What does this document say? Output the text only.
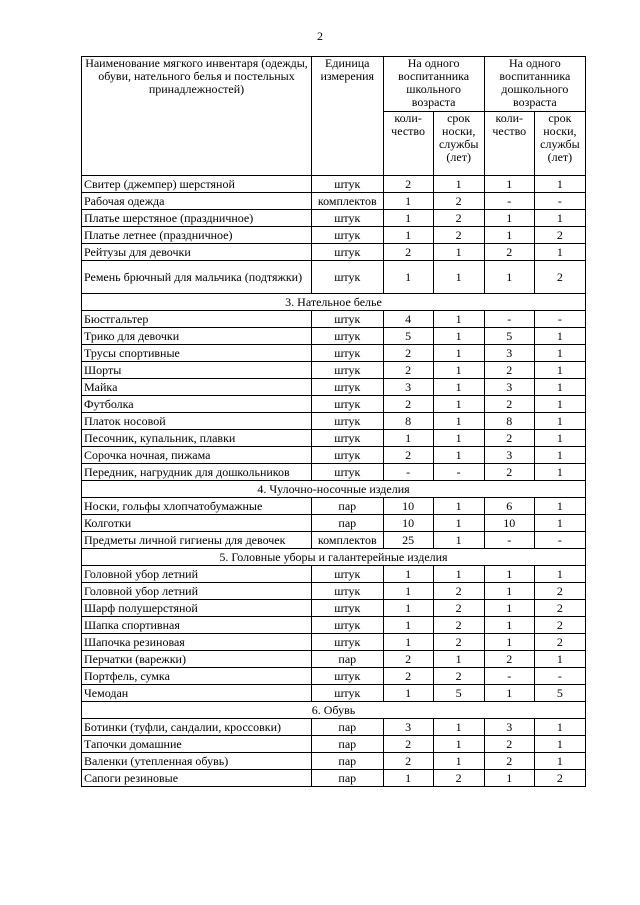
2
Наименование мягкого инвентаря (одежды, обуви, нательного белья и постельных принадлежностей)	Единица измерения	На одного воспитанника школьного возраста		На одного воспитанника дошкольного возраста	
		коли-чество	срок носки, службы (лет)	коли-чество	срок носки, службы (лет)
Свитер (джемпер) шерстяной	штук	2	1	1	1
Рабочая одежда	комплектов	1	2	-	-
Платье шерстяное (праздничное)	штук	1	2	1	1
Платье летнее (праздничное)	штук	1	2	1	2
Рейтузы для девочки	штук	2	1	2	1
Ремень брючный для мальчика (подтяжки)	штук	1	1	1	2
3. Нательное белье					
Бюстгальтер	штук	4	1	-	-
Трико для девочки	штук	5	1	5	1
Трусы спортивные	штук	2	1	3	1
Шорты	штук	2	1	2	1
Майка	штук	3	1	3	1
Футболка	штук	2	1	2	1
Платок носовой	штук	8	1	8	1
Песочник, купальник, плавки	штук	1	1	2	1
Сорочка ночная, пижама	штук	2	1	3	1
Передник, нагрудник для дошкольников	штук	-	-	2	1
4. Чулочно-носочные изделия					
Носки, гольфы хлопчатобумажные	пар	10	1	6	1
Колготки	пар	10	1	10	1
Предметы личной гигиены для девочек	комплектов	25	1	-	-
5. Головные уборы и галантерейные изделия					
Головной убор летний	штук	1	1	1	1
Головной убор летний	штук	1	2	1	2
Шарф полушерстяной	штук	1	2	1	2
Шапка спортивная	штук	1	2	1	2
Шапочка резиновая	штук	1	2	1	2
Перчатки (варежки)	пар	2	1	2	1
Портфель, сумка	штук	2	2	-	-
Чемодан	штук	1	5	1	5
6. Обувь					
Ботинки (туфли, сандалии, кроссовки)	пар	3	1	3	1
Тапочки домашние	пар	2	1	2	1
Валенки (утепленная обувь)	пар	2	1	2	1
Сапоги резиновые	пар	1	2	1	2
